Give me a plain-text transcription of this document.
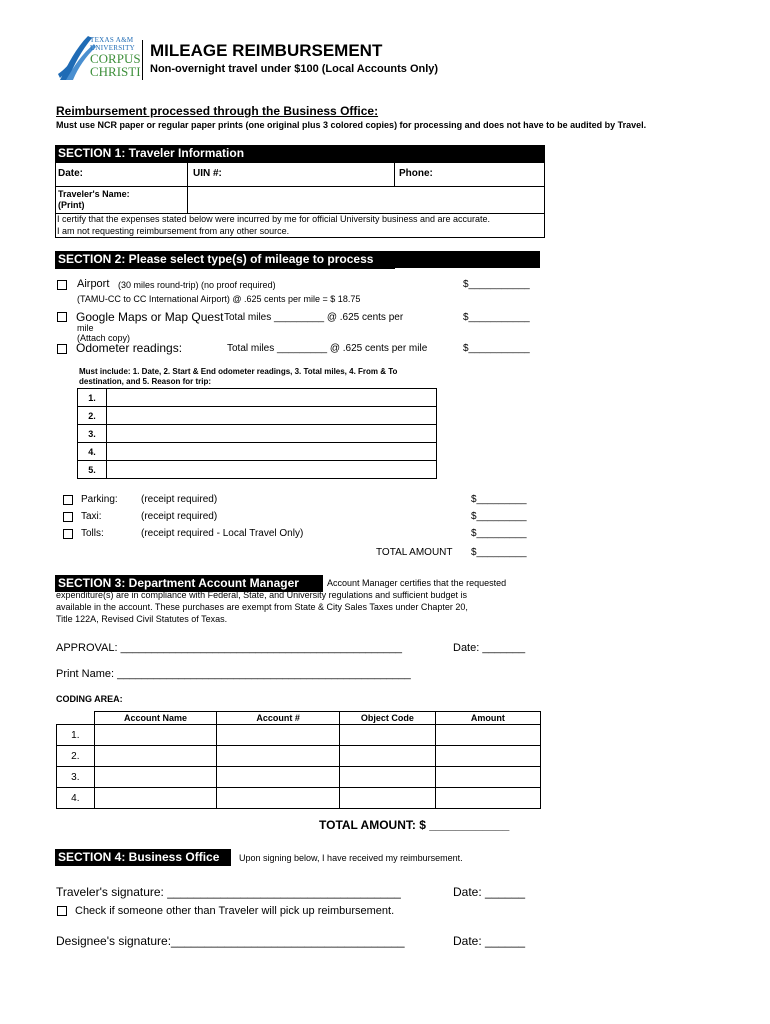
TEXAS A&M
UNIVERSITY
CORPUS
CHRISTI
MILEAGE REIMBURSEMENT
Non-overnight travel under $100 (Local Accounts Only)
Reimbursement processed through the Business Office:
Must use NCR paper or regular paper prints (one original plus 3 colored copies) for processing and does not have to be audited by Travel.
SECTION 1: Traveler Information
Date:	UIN #:	Phone:
Traveler's Name:
(Print)
I certify that the expenses stated below were incurred by me for official University business and are accurate.
I am not requesting reimbursement from any other source.
SECTION 2: Please select type(s) of mileage to process
Airport (30 miles round-trip) (no proof required)	$___________
(TAMU-CC to CC International Airport) @ .625 cents per mile = $ 18.75
Google Maps or Map Quest Total miles _________ @ .625 cents per	$___________
mile
(Attach copy)
Odometer readings:	Total miles _________ @ .625 cents per mile	$___________
Must include: 1. Date, 2. Start & End odometer readings, 3. Total miles, 4. From & To destination, and 5. Reason for trip:
1.	
2.	
3.	
4.	
5.	
Parking: (receipt required)	$_________
Taxi:	(receipt required)	$_________
Tolls:	(receipt required - Local Travel Only)	$_________
TOTAL AMOUNT $_________
SECTION 3: Department Account Manager	Account Manager certifies that the requested
expenditure(s) are in compliance with Federal, State, and University regulations and sufficient budget is
available in the account. These purchases are exempt from State & City Sales Taxes under Chapter 20,
Title 122A, Revised Civil Statutes of Texas.
APPROVAL: ______________________________________________	Date: _______
Print Name: ________________________________________________
CODING AREA:
	Account Name	Account #	Object Code	Amount
1.				
2.				
3.				
4.				
TOTAL AMOUNT: $ ____________
SECTION 4: Business Office	Upon signing below, I have received my reimbursement.
Traveler's signature: ___________________________________	Date: ______
Check if someone other than Traveler will pick up reimbursement.
Designee's signature:___________________________________	Date: ______
